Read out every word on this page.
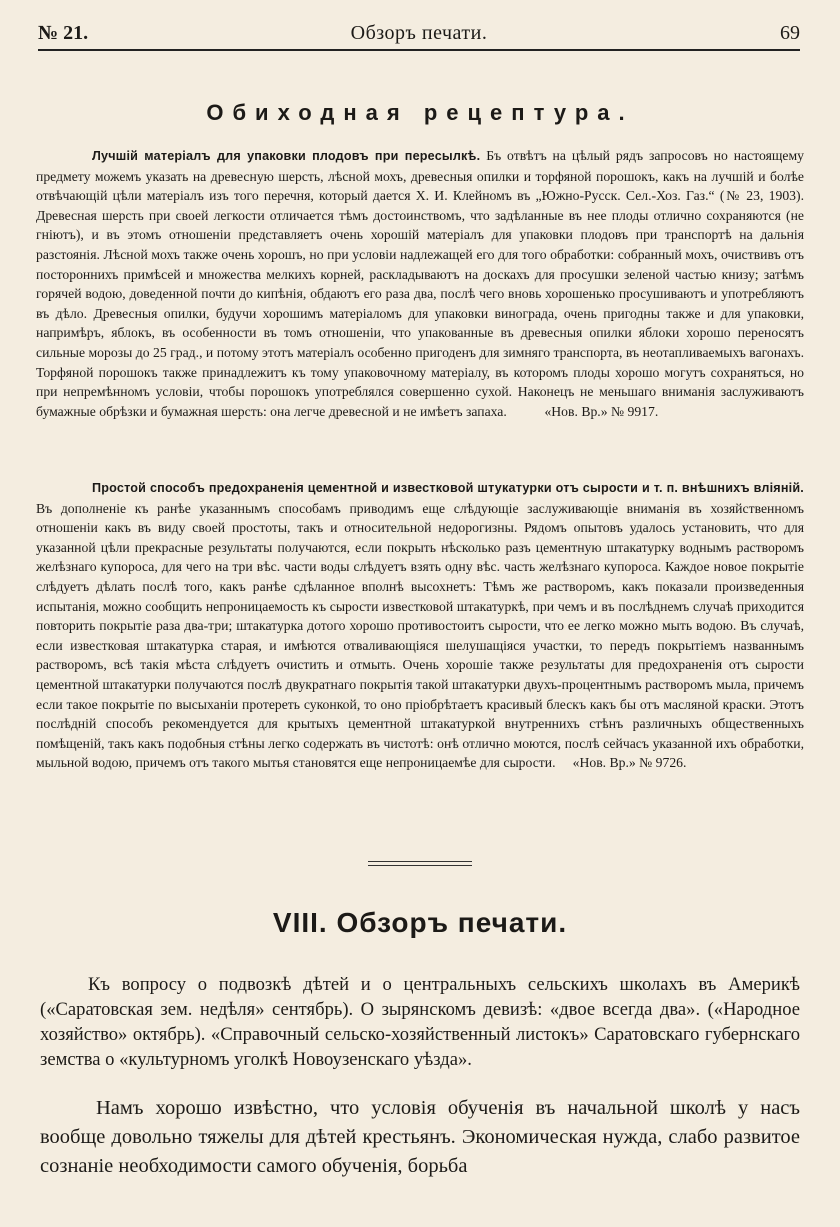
№ 21.	Обзоръ печати.	69
Обиходная рецептура.

Лучшій матеріалъ для упаковки плодовъ при пересылкѣ. Бъ отвѣтъ на цѣлый рядъ запросовъ но настоящему предмету можемъ указать на древесную шерсть, лѣсной мохъ, древесныя опилки и торфяной порошокъ, какъ на лучшій и болѣе отвѣчающій цѣли матеріалъ изъ того перечня, который дается Х. И. Клейномъ въ „Южно-Русск. Сел.-Хоз. Газ.“ (№ 23, 1903). Древесная шерсть при своей легкости отличается тѣмъ достоинствомъ, что задѣланные въ нее плоды отлично сохраняются (не гніютъ), и въ этомъ отношеніи представляетъ очень хорошій матеріалъ для упаковки плодовъ при транспортѣ на дальнія разстоянія. Лѣсной мохъ также очень хорошъ, но при условіи надлежащей его для того обработки: собранный мохъ, очиствивъ отъ постороннихъ примѣсей и множества мелкихъ корней, раскладываютъ на доскахъ для просушки зеленой частью книзу; затѣмъ горячей водою, доведенной почти до кипѣнія, обдаютъ его раза два, послѣ чего вновь хорошенько просушиваютъ и употребляютъ въ дѣло. Древесныя опилки, будучи хорошимъ матеріаломъ для упаковки винограда, очень пригодны также и для упаковки, напримѣръ, яблокъ, въ особенности въ томъ отношеніи, что упакованные въ древесныя опилки яблоки хорошо переносятъ сильные морозы до 25 град., и потому этотъ матеріалъ особенно пригоденъ для зимняго транспорта, въ неотапливаемыхъ вагонахъ. Торфяной порошокъ также принадлежитъ къ тому упаковочному матеріалу, въ которомъ плоды хорошо могутъ сохраняться, но при непремѣнномъ условіи, чтобы порошокъ употреблялся совершенно сухой. Наконецъ не меньшаго вниманія заслуживаютъ бумажные обрѣзки и бумажная шерсть: она легче древесной и не имѣетъ запаха.	«Нов. Вр.» № 9917.

Простой способъ предохраненія цементной и известковой штукатурки отъ сырости и т. п. внѣшнихъ вліяній. Въ дополненіе къ ранѣе указаннымъ способамъ приводимъ еще слѣдующіе заслуживающіе вниманія въ хозяйственномъ отношеніи какъ въ виду своей простоты, такъ и относительной недорогизны. Рядомъ опытовъ удалось установить, что для указанной цѣли прекрасные результаты получаются, если покрыть нѣсколько разъ цементную штакатурку воднымъ растворомъ желѣзнаго купороса, для чего на три вѣс. части воды слѣдуетъ взять одну вѣс. часть желѣзнаго купороса. Каждое новое покрытіе слѣдуетъ дѣлать послѣ того, какъ ранѣе сдѣланное вполнѣ высохнетъ: Тѣмъ же растворомъ, какъ показали произведенныя испытанія, можно сообщить непроницаемость къ сырости известковой штакатуркѣ, при чемъ и въ послѣднемъ случаѣ приходится повторить покрытіе раза два-три; штакатурка дотого хорошо противостоитъ сырости, что ее легко можно мыть водою. Въ случаѣ, если известковая штакатурка старая, и имѣются отваливающіяся шелушащіяся участки, то передъ покрытіемъ названнымъ растворомъ, всѣ такія мѣста слѣдуетъ очистить и отмыть. Очень хорошіе также результаты для предохраненія отъ сырости цементной штакатурки получаются послѣ двукратнаго покрытія такой штакатурки двухъ-процентнымъ растворомъ мыла, причемъ если такое покрытіе по высыханіи протереть суконкой, то оно пріобрѣтаетъ красивый блескъ какъ бы отъ масляной краски. Этотъ послѣдній способъ рекомендуется для крытыхъ цементной штакатуркой внутреннихъ стѣнъ различныхъ общественныхъ помѣщеній, такъ какъ подобныя стѣны легко содержать въ чистотѣ: онѣ отлично моются, послѣ сейчасъ указанной ихъ обработки, мыльной водою, причемъ отъ такого мытья становятся еще непроницаемѣе для сырости. «Нов. Вр.» № 9726.

VIII. Обзоръ печати.

Къ вопросу о подвозкѣ дѣтей и о центральныхъ сельскихъ школахъ въ Америкѣ («Саратовская зем. недѣля» сентябрь). О зырянскомъ девизѣ: «двое всегда два». («Народное хозяйство» октябрь). «Справочный сельско-хозяйственный листокъ» Саратовскаго губернскаго земства о «культурномъ уголкѣ Новоузенскаго уѣзда».

Намъ хорошо извѣстно, что условія обученія въ начальной школѣ у насъ вообще довольно тяжелы для дѣтей крестьянъ. Экономическая нужда, слабо развитое сознаніе необходимости самого обученія, борьба
